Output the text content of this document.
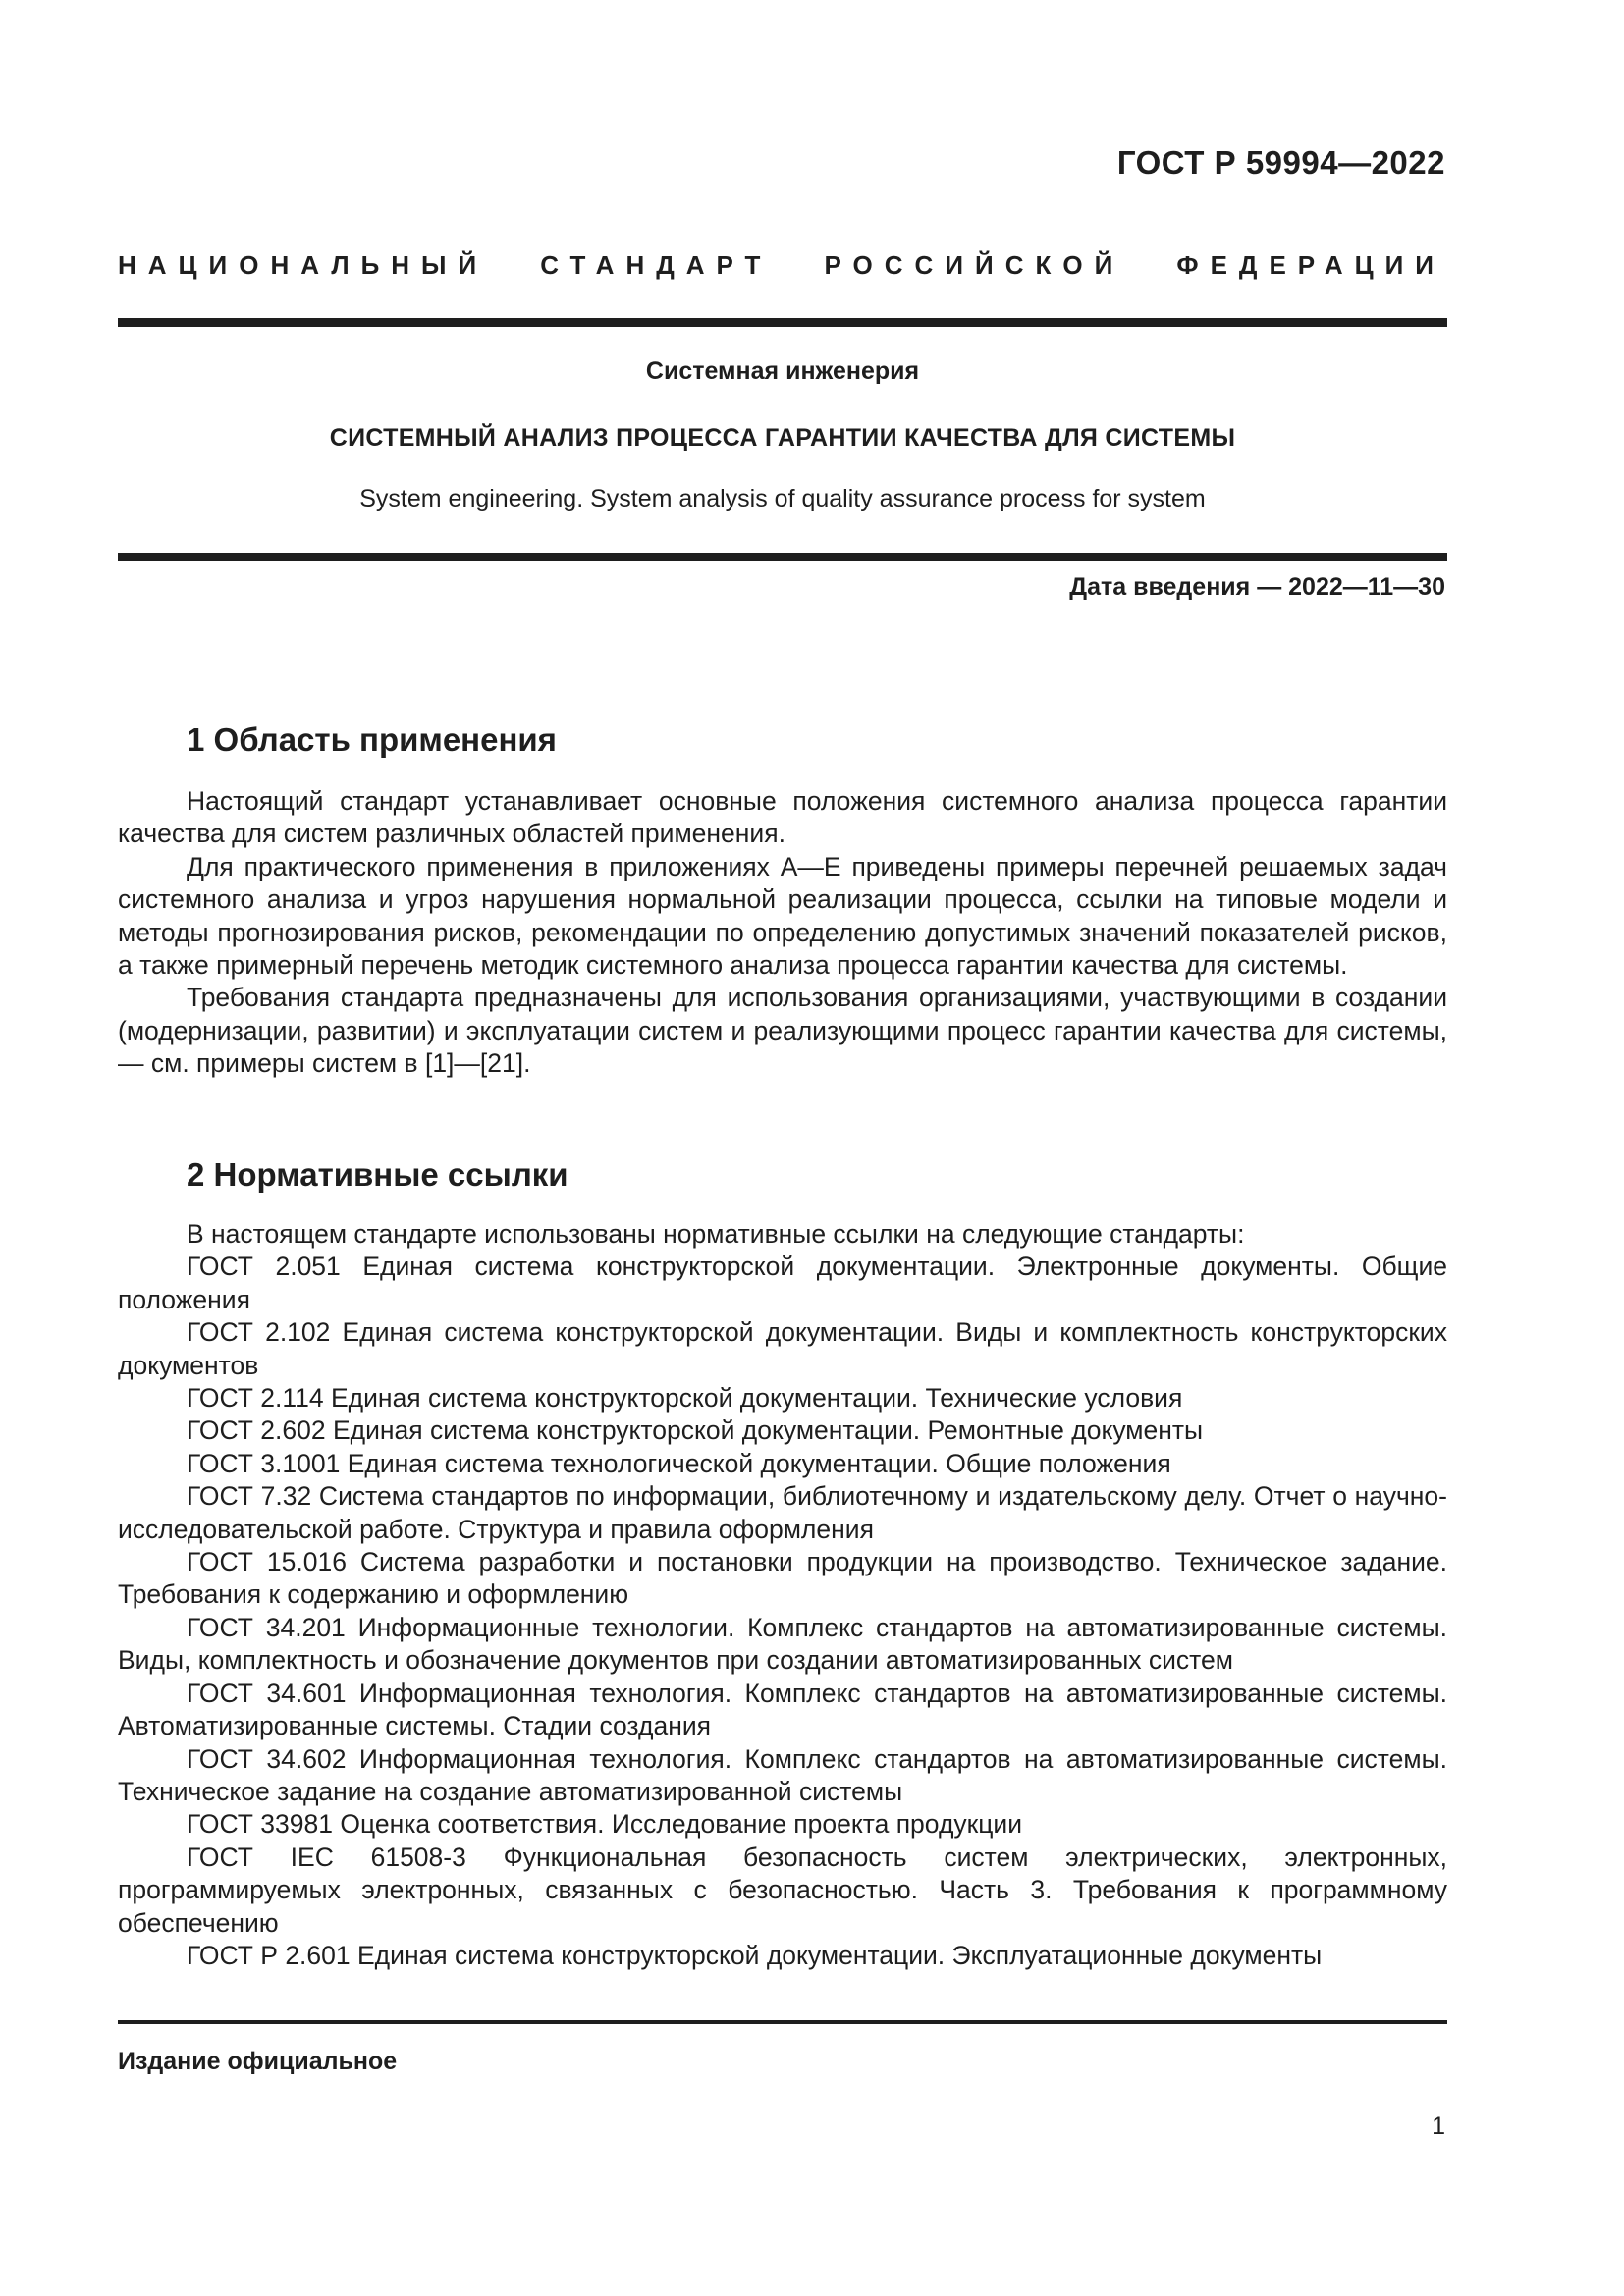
ГОСТ Р 59994—2022
НАЦИОНАЛЬНЫЙ СТАНДАРТ РОССИЙСКОЙ ФЕДЕРАЦИИ
Системная инженерия
СИСТЕМНЫЙ АНАЛИЗ ПРОЦЕССА ГАРАНТИИ КАЧЕСТВА ДЛЯ СИСТЕМЫ
System engineering. System analysis of quality assurance process for system
Дата введения — 2022—11—30
1 Область применения

Настоящий стандарт устанавливает основные положения системного анализа процесса гарантии качества для систем различных областей применения.

Для практического применения в приложениях А—Е приведены примеры перечней решаемых задач системного анализа и угроз нарушения нормальной реализации процесса, ссылки на типовые модели и методы прогнозирования рисков, рекомендации по определению допустимых значений показателей рисков, а также примерный перечень методик системного анализа процесса гарантии качества для системы.

Требования стандарта предназначены для использования организациями, участвующими в создании (модернизации, развитии) и эксплуатации систем и реализующими процесс гарантии качества для системы, — см. примеры систем в [1]—[21].

2 Нормативные ссылки

В настоящем стандарте использованы нормативные ссылки на следующие стандарты:

ГОСТ 2.051 Единая система конструкторской документации. Электронные документы. Общие положения

ГОСТ 2.102 Единая система конструкторской документации. Виды и комплектность конструкторских документов

ГОСТ 2.114 Единая система конструкторской документации. Технические условия

ГОСТ 2.602 Единая система конструкторской документации. Ремонтные документы

ГОСТ 3.1001 Единая система технологической документации. Общие положения

ГОСТ 7.32 Система стандартов по информации, библиотечному и издательскому делу. Отчет о научно-исследовательской работе. Структура и правила оформления

ГОСТ 15.016 Система разработки и постановки продукции на производство. Техническое задание. Требования к содержанию и оформлению

ГОСТ 34.201 Информационные технологии. Комплекс стандартов на автоматизированные системы. Виды, комплектность и обозначение документов при создании автоматизированных систем

ГОСТ 34.601 Информационная технология. Комплекс стандартов на автоматизированные системы. Автоматизированные системы. Стадии создания

ГОСТ 34.602 Информационная технология. Комплекс стандартов на автоматизированные системы. Техническое задание на создание автоматизированной системы

ГОСТ 33981 Оценка соответствия. Исследование проекта продукции

ГОСТ IEC 61508-3 Функциональная безопасность систем электрических, электронных, программируемых электронных, связанных с безопасностью. Часть 3. Требования к программному обеспечению

ГОСТ Р 2.601 Единая система конструкторской документации. Эксплуатационные документы

Издание официальное
1
